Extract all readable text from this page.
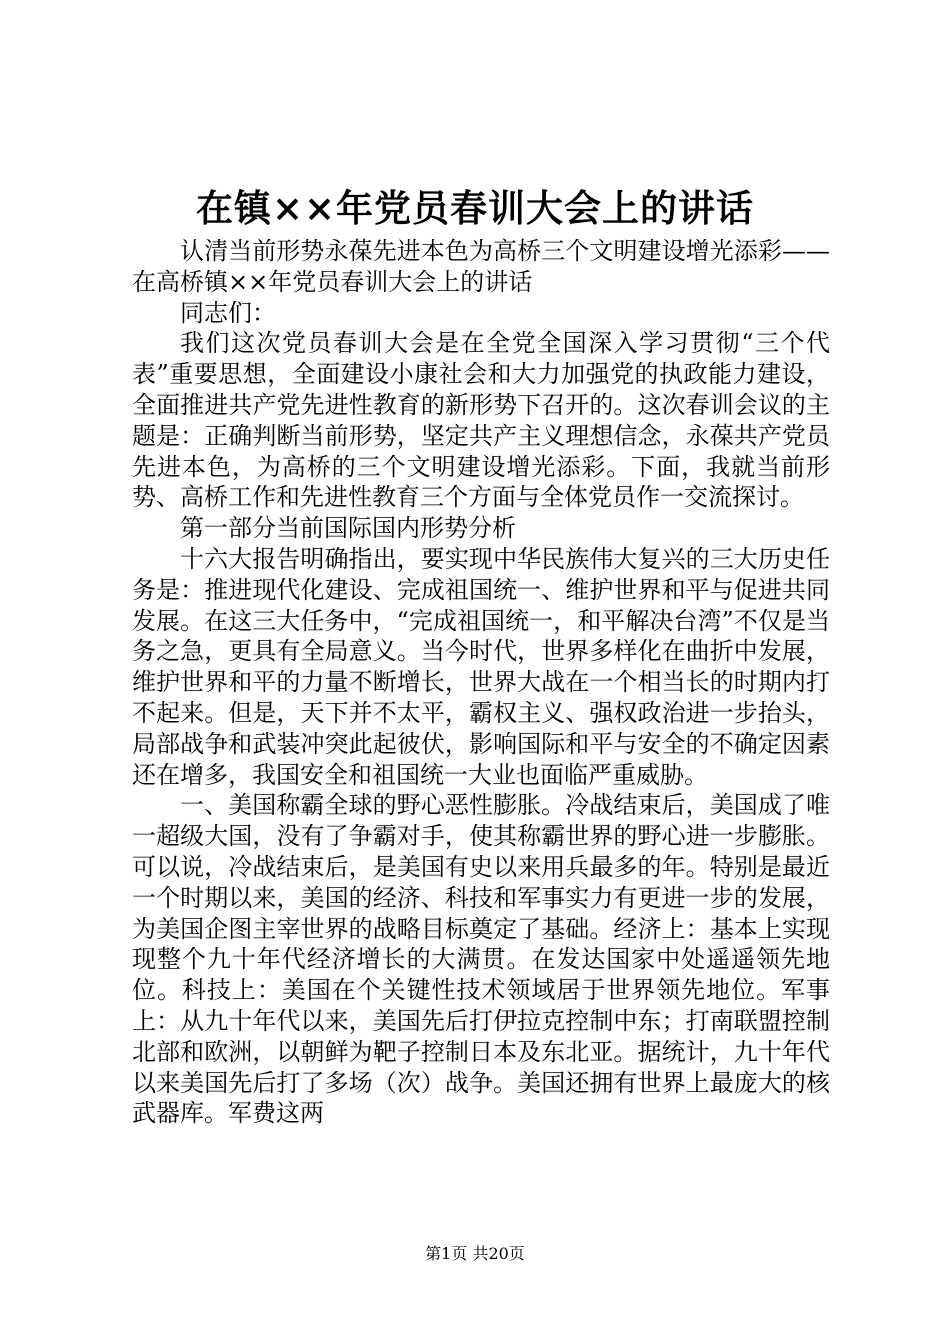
在镇××年党员春训大会上的讲话

认清当前形势永葆先进本色为高桥三个文明建设增光添彩——在高桥镇××年党员春训大会上的讲话

同志们：

我们这次党员春训大会是在全党全国深入学习贯彻“三个代表”重要思想，全面建设小康社会和大力加强党的执政能力建设，全面推进共产党先进性教育的新形势下召开的。这次春训会议的主题是：正确判断当前形势，坚定共产主义理想信念，永葆共产党员先进本色，为高桥的三个文明建设增光添彩。下面，我就当前形势、高桥工作和先进性教育三个方面与全体党员作一交流探讨。

第一部分当前国际国内形势分析

十六大报告明确指出，要实现中华民族伟大复兴的三大历史任务是：推进现代化建设、完成祖国统一、维护世界和平与促进共同发展。在这三大任务中，“完成祖国统一，和平解决台湾”不仅是当务之急，更具有全局意义。当今时代，世界多样化在曲折中发展，维护世界和平的力量不断增长，世界大战在一个相当长的时期内打不起来。但是，天下并不太平，霸权主义、强权政治进一步抬头，局部战争和武装冲突此起彼伏，影响国际和平与安全的不确定因素还在增多，我国安全和祖国统一大业也面临严重威胁。

一、美国称霸全球的野心恶性膨胀。冷战结束后，美国成了唯一超级大国，没有了争霸对手，使其称霸世界的野心进一步膨胀。可以说，冷战结束后，是美国有史以来用兵最多的年。特别是最近一个时期以来，美国的经济、科技和军事实力有更进一步的发展，为美国企图主宰世界的战略目标奠定了基础。经济上：基本上实现现整个九十年代经济增长的大满贯。在发达国家中处遥遥领先地位。科技上：美国在个关键性技术领域居于世界领先地位。军事上：从九十年代以来，美国先后打伊拉克控制中东；打南联盟控制北部和欧洲，以朝鲜为靶子控制日本及东北亚。据统计，九十年代以来美国先后打了多场（次）战争。美国还拥有世界上最庞大的核武器库。军费这两

第1页 共20页
